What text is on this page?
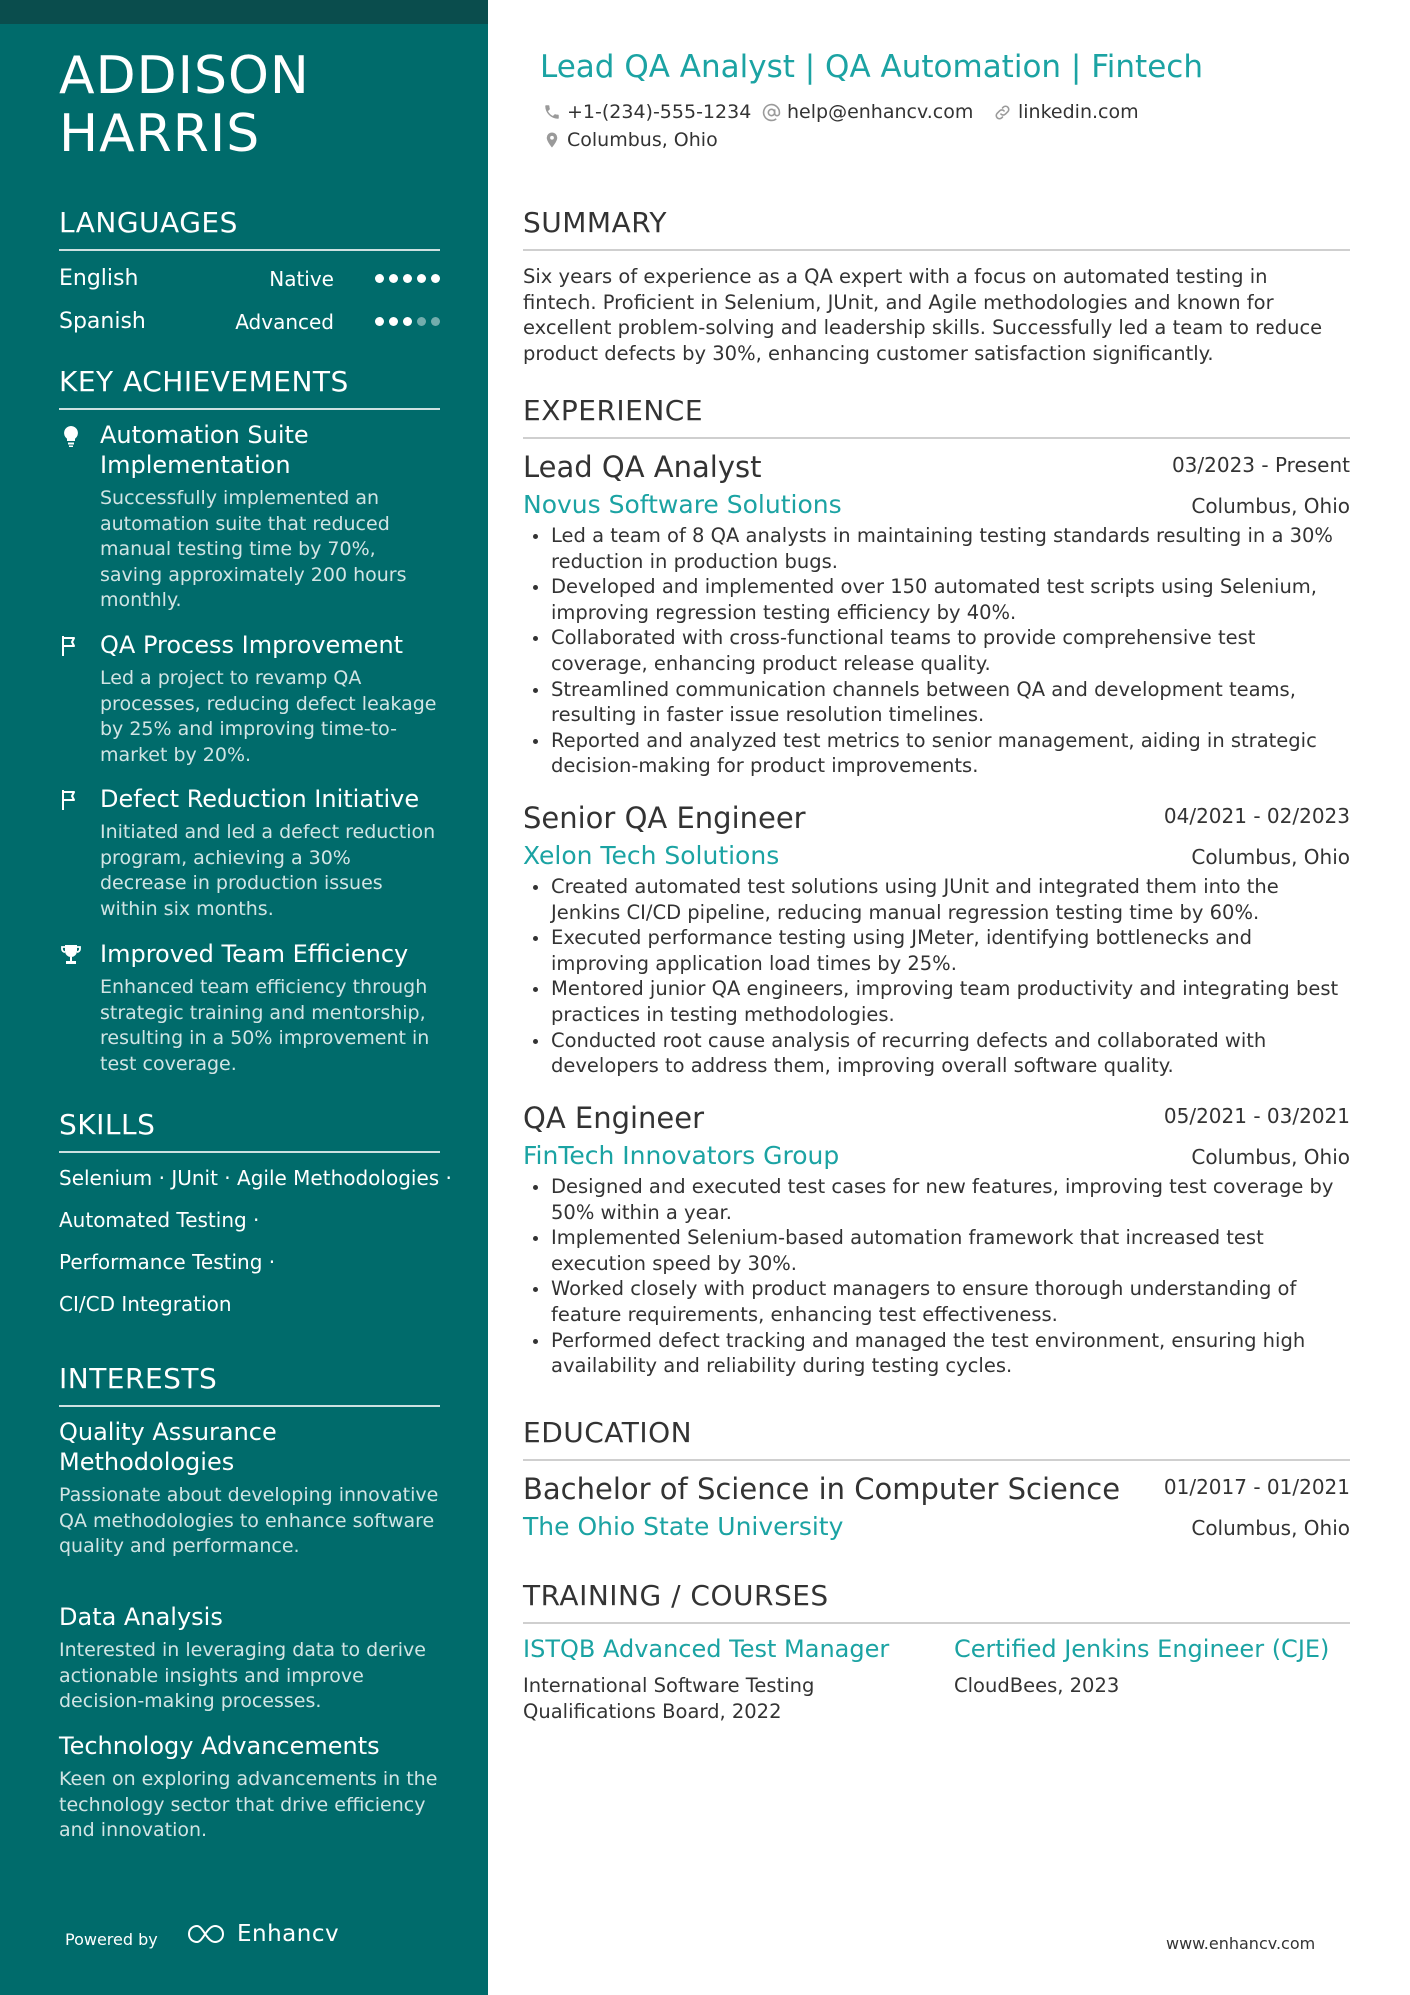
ADDISON
HARRIS
LANGUAGES
English	Native
Spanish	Advanced
KEY ACHIEVEMENTS
Automation Suite Implementation
Successfully implemented an automation suite that reduced manual testing time by 70%, saving approximately 200 hours monthly.
QA Process Improvement
Led a project to revamp QA processes, reducing defect leakage by 25% and improving time-to-market by 20%.
Defect Reduction Initiative
Initiated and led a defect reduction program, achieving a 30% decrease in production issues within six months.
Improved Team Efficiency
Enhanced team efficiency through strategic training and mentorship, resulting in a 50% improvement in test coverage.
SKILLS
Selenium · JUnit · Agile Methodologies ·
Automated Testing ·
Performance Testing ·
CI/CD Integration
INTERESTS
Quality Assurance Methodologies
Passionate about developing innovative QA methodologies to enhance software quality and performance.
Data Analysis
Interested in leveraging data to derive actionable insights and improve decision-making processes.
Technology Advancements
Keen on exploring advancements in the technology sector that drive efficiency and innovation.
Powered by	Enhancv
Lead QA Analyst | QA Automation | Fintech
+1-(234)-555-1234 help@enhancv.com linkedin.com
Columbus, Ohio
SUMMARY

Six years of experience as a QA expert with a focus on automated testing in fintech. Proficient in Selenium, JUnit, and Agile methodologies and known for excellent problem-solving and leadership skills. Successfully led a team to reduce product defects by 30%, enhancing customer satisfaction significantly.

EXPERIENCE
Lead QA Analyst	03/2023 - Present
Novus Software Solutions	Columbus, Ohio
Led a team of 8 QA analysts in maintaining testing standards resulting in a 30% reduction in production bugs.
Developed and implemented over 150 automated test scripts using Selenium, improving regression testing efficiency by 40%.
Collaborated with cross-functional teams to provide comprehensive test coverage, enhancing product release quality.
Streamlined communication channels between QA and development teams, resulting in faster issue resolution timelines.
Reported and analyzed test metrics to senior management, aiding in strategic decision-making for product improvements.
Senior QA Engineer	04/2021 - 02/2023
Xelon Tech Solutions	Columbus, Ohio
Created automated test solutions using JUnit and integrated them into the Jenkins CI/CD pipeline, reducing manual regression testing time by 60%.
Executed performance testing using JMeter, identifying bottlenecks and improving application load times by 25%.
Mentored junior QA engineers, improving team productivity and integrating best practices in testing methodologies.
Conducted root cause analysis of recurring defects and collaborated with developers to address them, improving overall software quality.
QA Engineer	05/2021 - 03/2021
FinTech Innovators Group	Columbus, Ohio
Designed and executed test cases for new features, improving test coverage by 50% within a year.
Implemented Selenium-based automation framework that increased test execution speed by 30%.
Worked closely with product managers to ensure thorough understanding of feature requirements, enhancing test effectiveness.
Performed defect tracking and managed the test environment, ensuring high availability and reliability during testing cycles.
EDUCATION
Bachelor of Science in Computer Science	01/2017 - 01/2021
The Ohio State University	Columbus, Ohio
TRAINING / COURSES
ISTQB Advanced Test Manager
International Software Testing Qualifications Board, 2022
Certified Jenkins Engineer (CJE)
CloudBees, 2023
www.enhancv.com
